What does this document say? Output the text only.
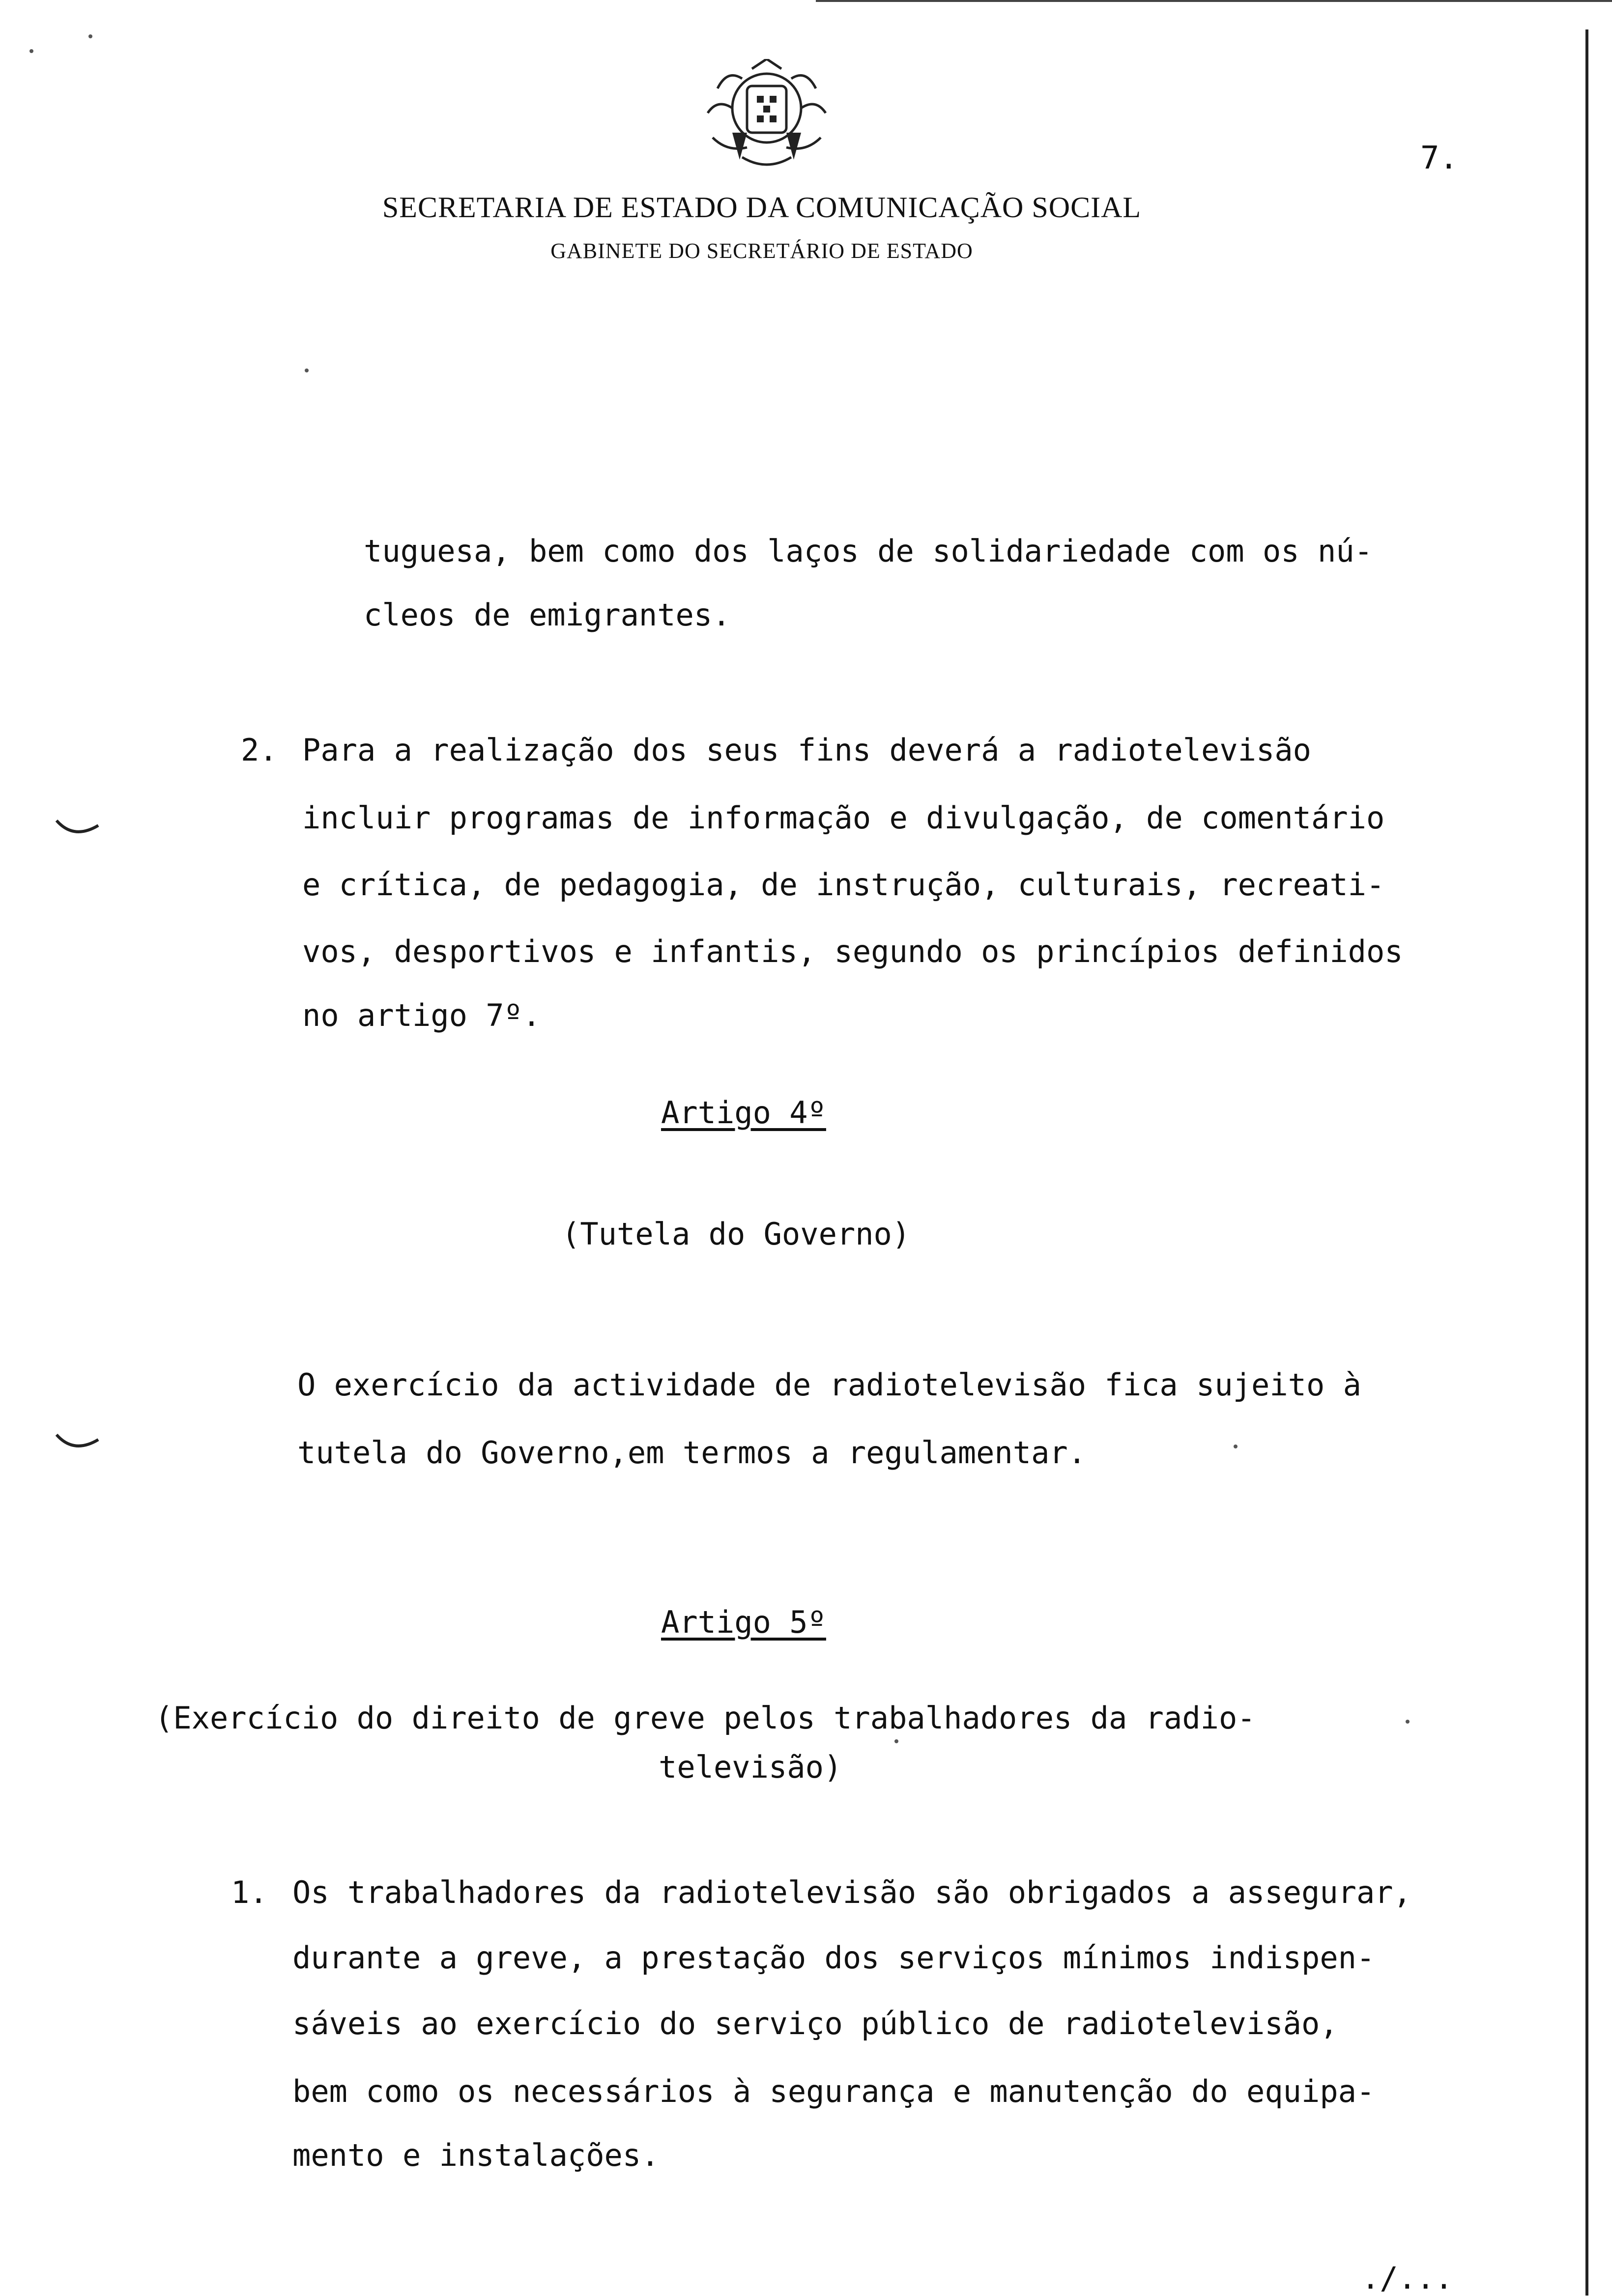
7.
SECRETARIA DE ESTADO DA COMUNICAÇÃO SOCIAL
GABINETE DO SECRETÁRIO DE ESTADO
tuguesa, bem como dos laços de solidariedade com os nú-
cleos de emigrantes.
2. Para a realização dos seus fins deverá a radiotelevisão
incluir programas de informação e divulgação, de comentário
e crítica, de pedagogia, de instrução, culturais, recreati-
vos, desportivos e infantis, segundo os princípios definidos
no artigo 7º.
Artigo 4º
(Tutela do Governo)
O exercício da actividade de radiotelevisão fica sujeito à
tutela do Governo,em termos a regulamentar.
Artigo 5º
(Exercício do direito de greve pelos trabalhadores da radio-
televisão)
1. Os trabalhadores da radiotelevisão são obrigados a assegurar,
durante a greve, a prestação dos serviços mínimos indispen-
sáveis ao exercício do serviço público de radiotelevisão,
bem como os necessários à segurança e manutenção do equipa-
mento e instalações.
./...
